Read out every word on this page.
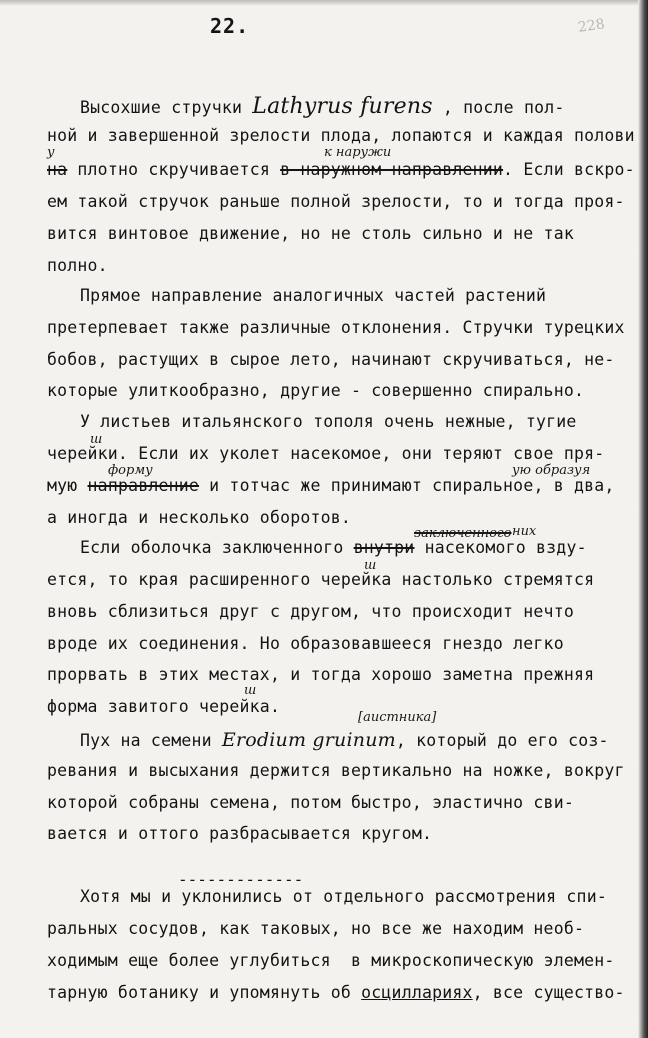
22.	228
Высохшие стручки Lathyrus furens , после пол-
ной и завершенной зрелости плода, лопаются и каждая полови
к наружи
у
на плотно скручивается в наружном направлении. Если вскро-
ем такой стручок раньше полной зрелости, то и тогда проя-
вится винтовое движение, но не столь сильно и не так
полно.
Прямое направление аналогичных частей растений
претерпевает также различные отклонения. Стручки турецких
бобов, растущих в сырое лето, начинают скручиваться, не-
которые улиткообразно, другие - совершенно спирально.
У листьев итальянского тополя очень нежные, тугие
ш
черейки. Если их уколет насекомое, они теряют свое пря-
форму	ую образуя
мую направление и тотчас же принимают спиральное, в два,
а иногда и несколько оборотов.
заключенного них
Если оболочка заключенного внутри насекомого взду-
ш
ется, то края расширенного черейка настолько стремятся
вновь сблизиться друг с другом, что происходит нечто
вроде их соединения. Но образовавшееся гнездо легко
прорвать в этих местах, и тогда хорошо заметна прежняя
ш
форма завитого черейка.
[аистника]
Пух на семени Erodium gruinum, который до его соз-
ревания и высыхания держится вертикально на ножке, вокруг
которой собраны семена, потом быстро, эластично сви-
вается и оттого разбрасывается кругом.
-------------
Хотя мы и уклонились от отдельного рассмотрения спи-
ральных сосудов, как таковых, но все же находим необ-
ходимым еще более углубиться  в микроскопическую элемен-
тарную ботанику и упомянуть об осциллариях, все существо-
